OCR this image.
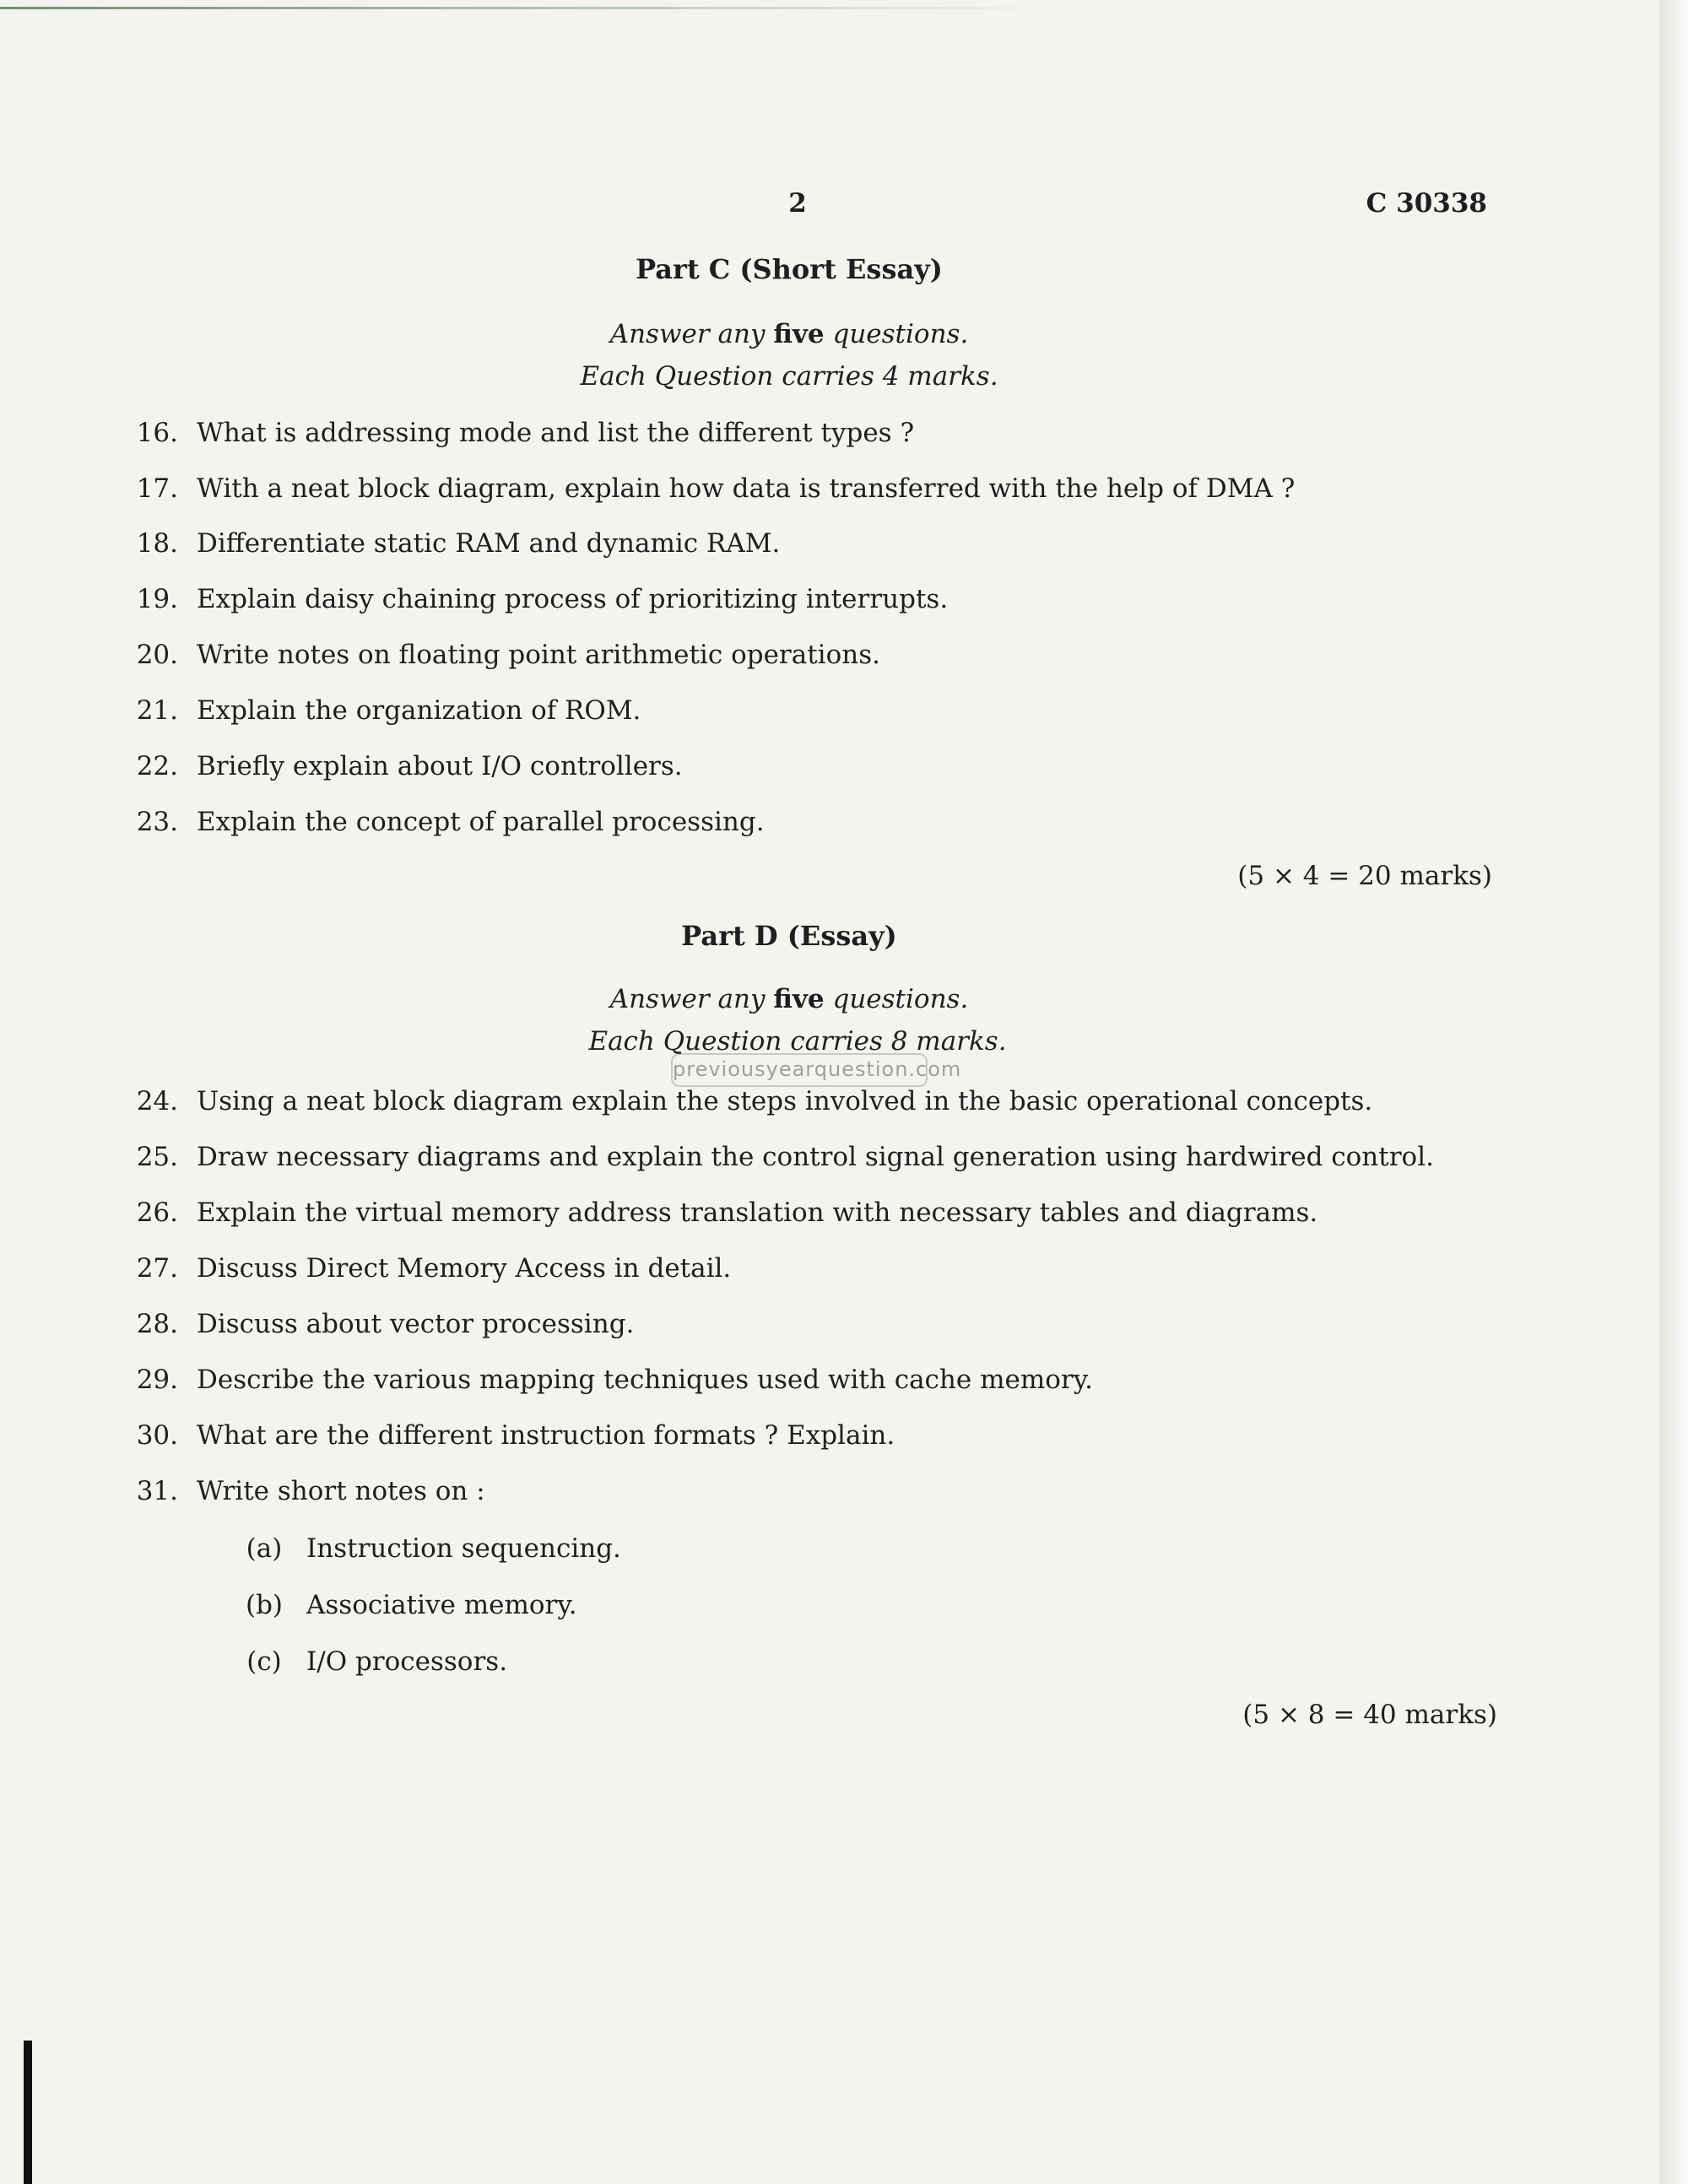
2	C 30338
Part C (Short Essay)
Answer any five questions.
Each Question carries 4 marks.
16. What is addressing mode and list the different types ?
17. With a neat block diagram, explain how data is transferred with the help of DMA ?
18. Differentiate static RAM and dynamic RAM.
19. Explain daisy chaining process of prioritizing interrupts.
20. Write notes on floating point arithmetic operations.
21. Explain the organization of ROM.
22. Briefly explain about I/O controllers.
23. Explain the concept of parallel processing.
(5 × 4 = 20 marks)
Part D (Essay)
Answer any five questions.
Each Question carries 8 marks.
previousyearquestion.com
24. Using a neat block diagram explain the steps involved in the basic operational concepts.
25. Draw necessary diagrams and explain the control signal generation using hardwired control.
26. Explain the virtual memory address translation with necessary tables and diagrams.
27. Discuss Direct Memory Access in detail.
28. Discuss about vector processing.
29. Describe the various mapping techniques used with cache memory.
30. What are the different instruction formats ? Explain.
31. Write short notes on :
(a) Instruction sequencing.
(b) Associative memory.
(c) I/O processors.
(5 × 8 = 40 marks)
